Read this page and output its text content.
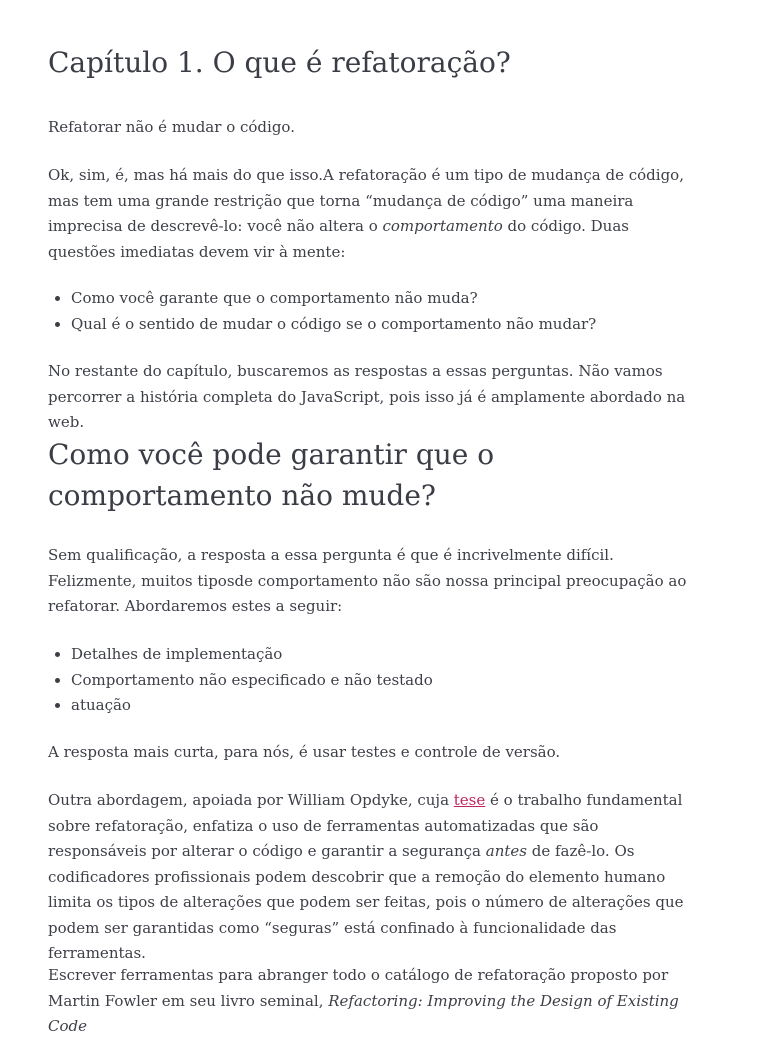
Capítulo 1. O que é refatoração?

Refatorar não é mudar o código.

Ok, sim, é, mas há mais do que isso.A refatoração é um tipo de mudança de código, mas tem uma grande restrição que torna “mudança de código” uma maneira imprecisa de descrevê-lo: você não altera o comportamento do código. Duas questões imediatas devem vir à mente:

• Como você garante que o comportamento não muda?
• Qual é o sentido de mudar o código se o comportamento não mudar?

No restante do capítulo, buscaremos as respostas a essas perguntas. Não vamos percorrer a história completa do JavaScript, pois isso já é amplamente abordado na web.

Como você pode garantir que o comportamento não mude?

Sem qualificação, a resposta a essa pergunta é que é incrivelmente difícil. Felizmente, muitos tiposde comportamento não são nossa principal preocupação ao refatorar. Abordaremos estes a seguir:

• Detalhes de implementação
• Comportamento não especificado e não testado
• atuação

A resposta mais curta, para nós, é usar testes e controle de versão.

Outra abordagem, apoiada por William Opdyke, cuja tese é o trabalho fundamental sobre refatoração, enfatiza o uso de ferramentas automatizadas que são responsáveis por alterar o código e garantir a segurança antes de fazê-lo. Os codificadores profissionais podem descobrir que a remoção do elemento humano limita os tipos de alterações que podem ser feitas, pois o número de alterações que podem ser garantidas como “seguras” está confinado à funcionalidade das ferramentas.

Escrever ferramentas para abranger todo o catálogo de refatoração proposto por Martin Fowler em seu livro seminal, Refactoring: Improving the Design of Existing Code
